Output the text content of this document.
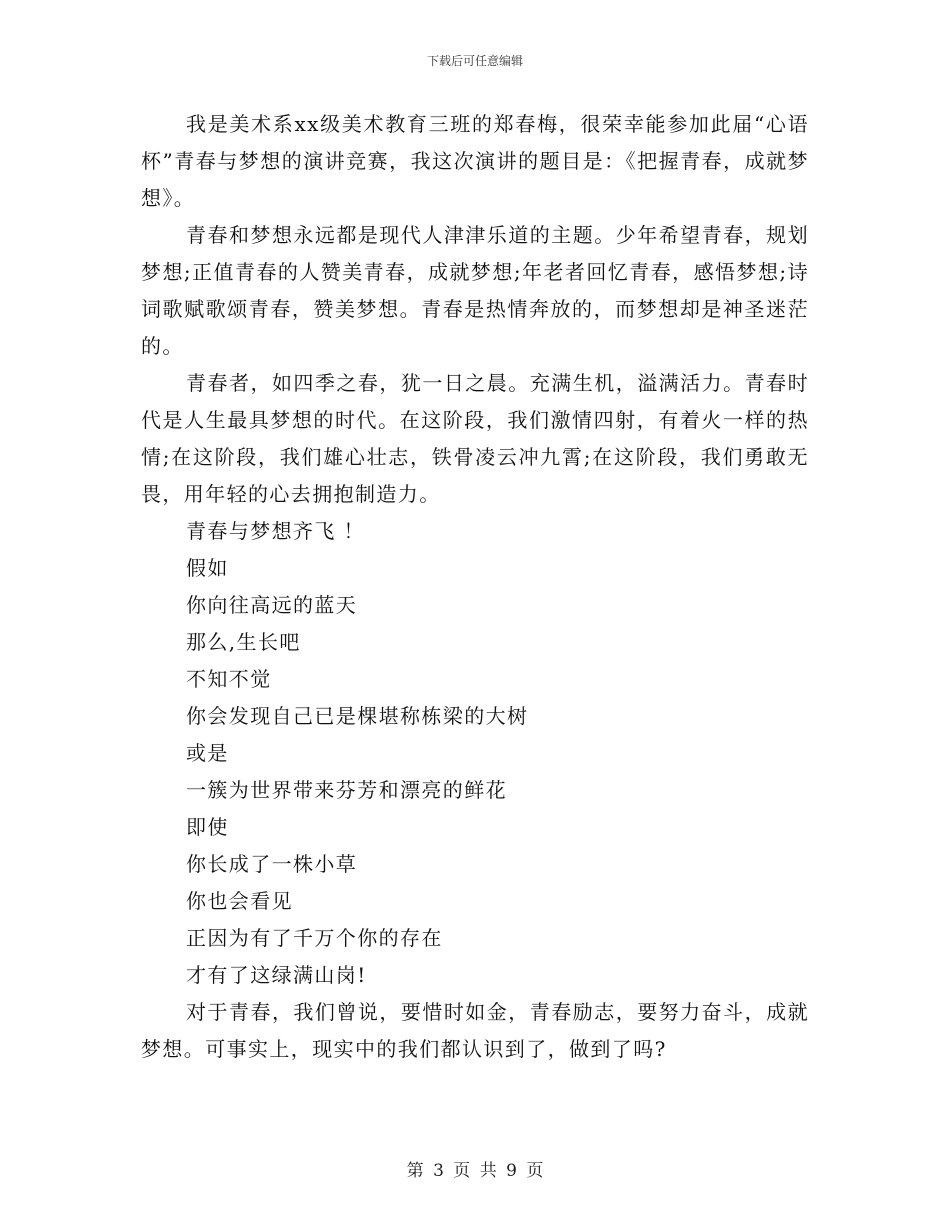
下载后可任意编辑

我是美术系xx级美术教育三班的郑春梅，很荣幸能参加此届“心语杯”青春与梦想的演讲竞赛，我这次演讲的题目是：《把握青春，成就梦想》。

青春和梦想永远都是现代人津津乐道的主题。少年希望青春，规划梦想;正值青春的人赞美青春，成就梦想;年老者回忆青春，感悟梦想;诗词歌赋歌颂青春，赞美梦想。青春是热情奔放的，而梦想却是神圣迷茫的。

青春者，如四季之春，犹一日之晨。充满生机，溢满活力。青春时代是人生最具梦想的时代。在这阶段，我们激情四射，有着火一样的热情;在这阶段，我们雄心壮志，铁骨凌云冲九霄;在这阶段，我们勇敢无畏，用年轻的心去拥抱制造力。

青春与梦想齐飞 ！

假如

你向往高远的蓝天

那么,生长吧

不知不觉

你会发现自己已是棵堪称栋梁的大树

或是

一簇为世界带来芬芳和漂亮的鲜花

即使

你长成了一株小草

你也会看见

正因为有了千万个你的存在

才有了这绿满山岗!

对于青春，我们曾说，要惜时如金，青春励志，要努力奋斗，成就梦想。可事实上，现实中的我们都认识到了，做到了吗?

第 3 页 共 9 页
